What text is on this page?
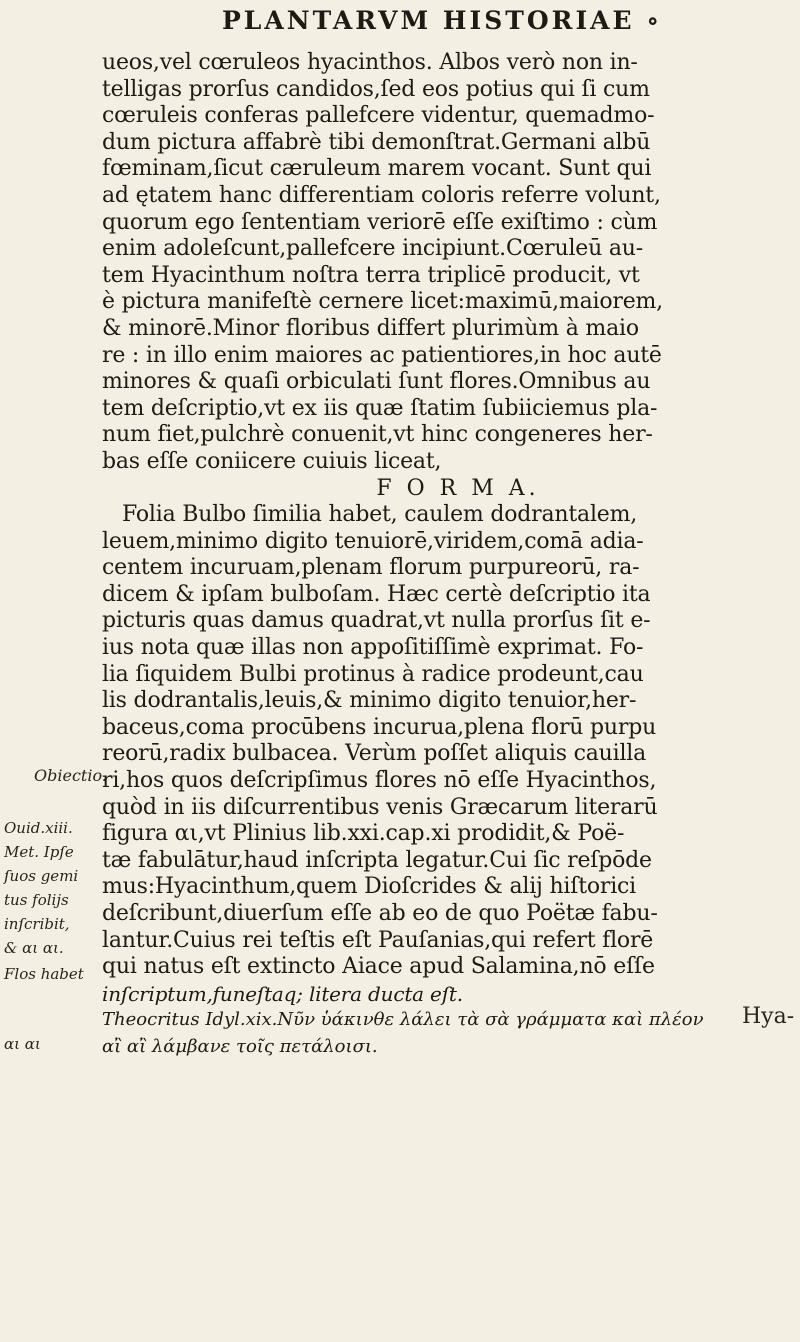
PLANTARVM HISTORIAE ∘
ueos,vel cœruleos hyacinthos. Albos verò non in-
telligas prorſus candidos,ſed eos potius qui ſi cum
cœruleis conferas pallefcere videntur, quemadmo-
dum pictura affabrè tibi demonſtrat.Germani albū
fœminam,ſicut cæruleum marem vocant. Sunt qui
ad ętatem hanc differentiam coloris referre volunt,
quorum ego ſententiam veriorē eſſe exiſtimo : cùm
enim adoleſcunt,pallefcere incipiunt.Cœruleū au-
tem Hyacinthum noſtra terra triplicē producit, vt
è pictura manifeſtè cernere licet:maximū,maiorem,
& minorē.Minor floribus differt plurimùm à maio
re : in illo enim maiores ac patientiores,in hoc autē
minores & quaſi orbiculati ſunt flores.Omnibus au
tem deſcriptio,vt ex iis quæ ſtatim ſubiiciemus pla-
num fiet,pulchrè conuenit,vt hinc congeneres her-
bas eſſe coniicere cuiuis liceat,
F O R M A.
Folia Bulbo ſimilia habet, caulem dodrantalem,
leuem,minimo digito tenuiorē,viridem,comā adia-
centem incuruam,plenam florum purpureorū, ra-
dicem & ipſam bulboſam. Hæc certè deſcriptio ita
picturis quas damus quadrat,vt nulla prorſus ſit e-
ius nota quæ illas non appoſitiſſimè exprimat. Fo-
lia ſiquidem Bulbi protinus à radice prodeunt,cau
lis dodrantalis,leuis,& minimo digito tenuior,her-
baceus,coma procūbens incurua,plena florū purpu
reorū,radix bulbacea. Verùm poſſet aliquis cauilla
ri,hos quos deſcripſimus flores nō eſſe Hyacinthos,
quòd in iis diſcurrentibus venis Græcarum literarū
figura αι,vt Plinius lib.xxi.cap.xi prodidit,& Poë-
tæ fabulātur,haud inſcripta legatur.Cui ſic reſpōde
mus:Hyacinthum,quem Dioſcrides & alij hiſtorici
deſcribunt,diuerſum eſſe ab eo de quo Poëtæ fabu-
lantur.Cuius rei teſtis eſt Pauſanias,qui refert florē
qui natus eſt extincto Aiace apud Salamina,nō eſſe
inſcriptum,funeſtaq; litera ducta eſt.
Theocritus Idyl.xix.Νῦν ὑάκινθε λάλει τὰ σὰ γράμματα καὶ πλέον
αἲ αἲ λάμβανε τοῖς πετάλοισι.
Hya-
Obiectio.
Ouid.xiii.
Met. Ipſe
ſuos gemi
tus folijs
inſcribit,
& αι αι.
Flos habet
αι αι
